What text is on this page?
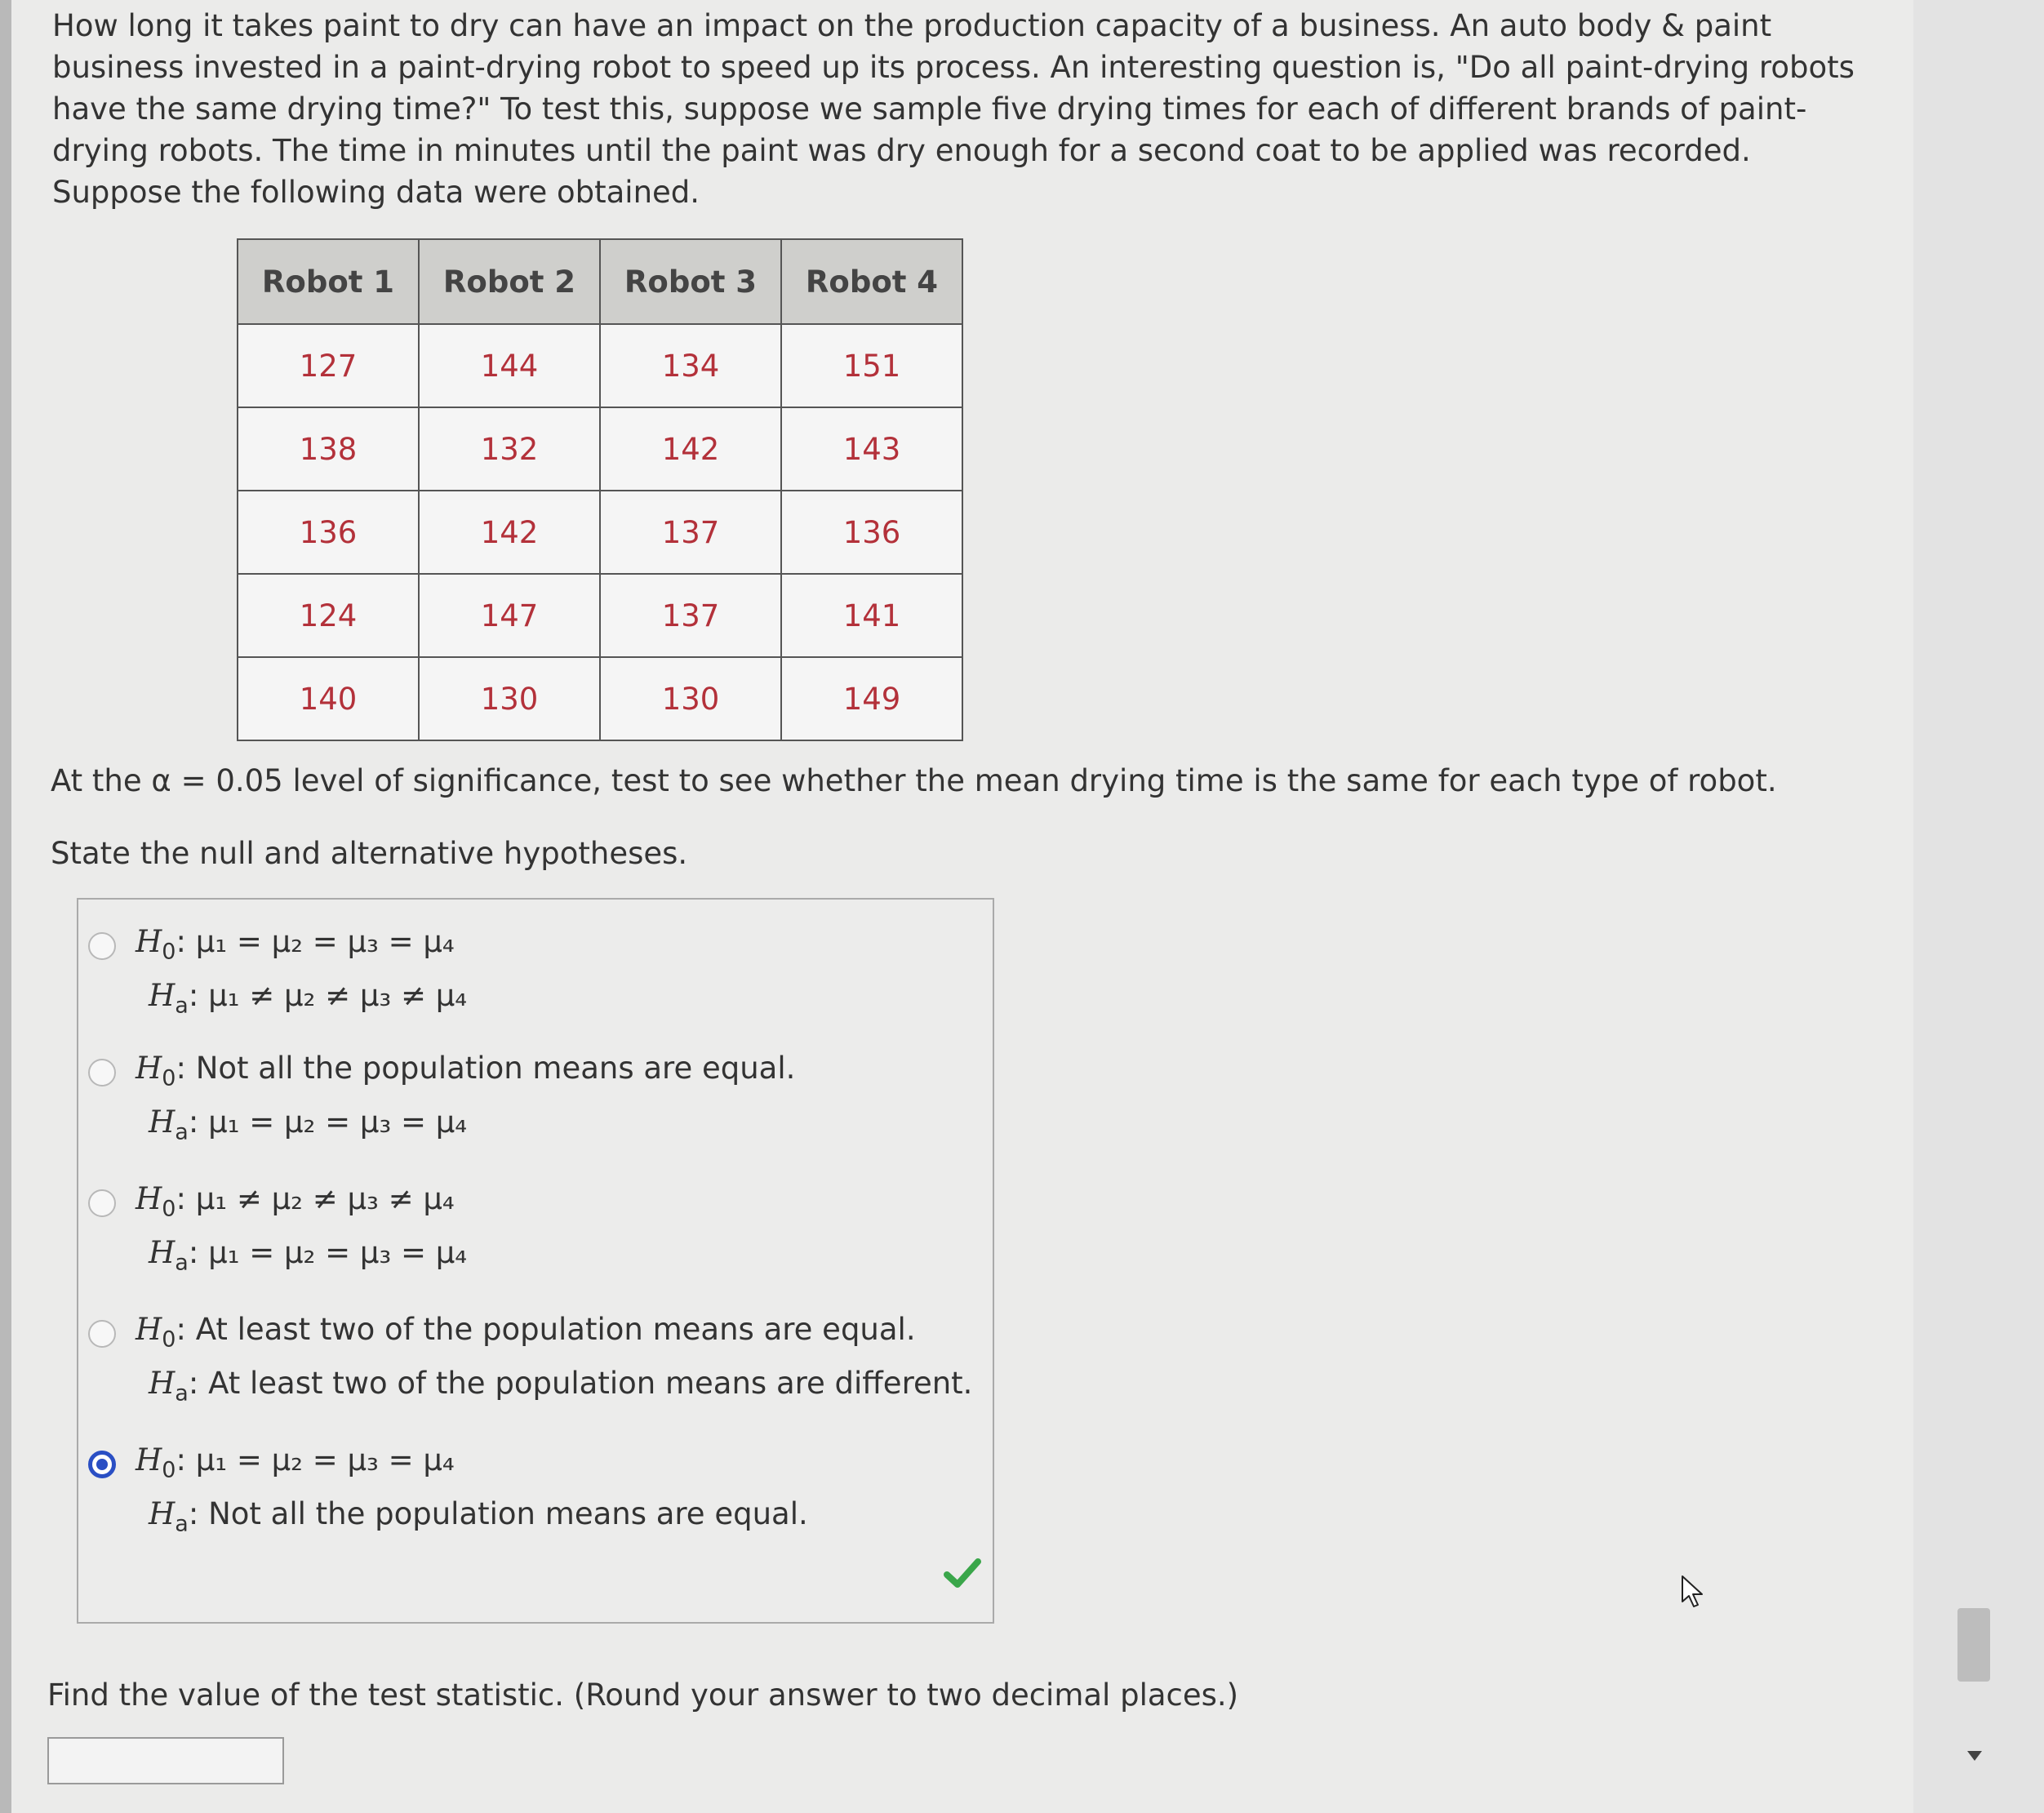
How long it takes paint to dry can have an impact on the production capacity of a business. An auto body & paint business invested in a paint-drying robot to speed up its process. An interesting question is, "Do all paint-drying robots have the same drying time?" To test this, suppose we sample five drying times for each of different brands of paint-drying robots. The time in minutes until the paint was dry enough for a second coat to be applied was recorded. Suppose the following data were obtained.

Robot 1	Robot 2	Robot 3	Robot 4
127	144	134	151
138	132	142	143
136	142	137	136
124	147	137	141
140	130	130	149

At the α = 0.05 level of significance, test to see whether the mean drying time is the same for each type of robot.

State the null and alternative hypotheses.

$H_0$: μ₁ = μ₂ = μ₃ = μ₄
$H_a$: μ₁ ≠ μ₂ ≠ μ₃ ≠ μ₄
$H_0$: Not all the population means are equal.
$H_a$: μ₁ = μ₂ = μ₃ = μ₄
$H_0$: μ₁ ≠ μ₂ ≠ μ₃ ≠ μ₄
$H_a$: μ₁ = μ₂ = μ₃ = μ₄
$H_0$: At least two of the population means are equal.
$H_a$: At least two of the population means are different.
$H_0$: μ₁ = μ₂ = μ₃ = μ₄
$H_a$: Not all the population means are equal.

Find the value of the test statistic. (Round your answer to two decimal places.)
